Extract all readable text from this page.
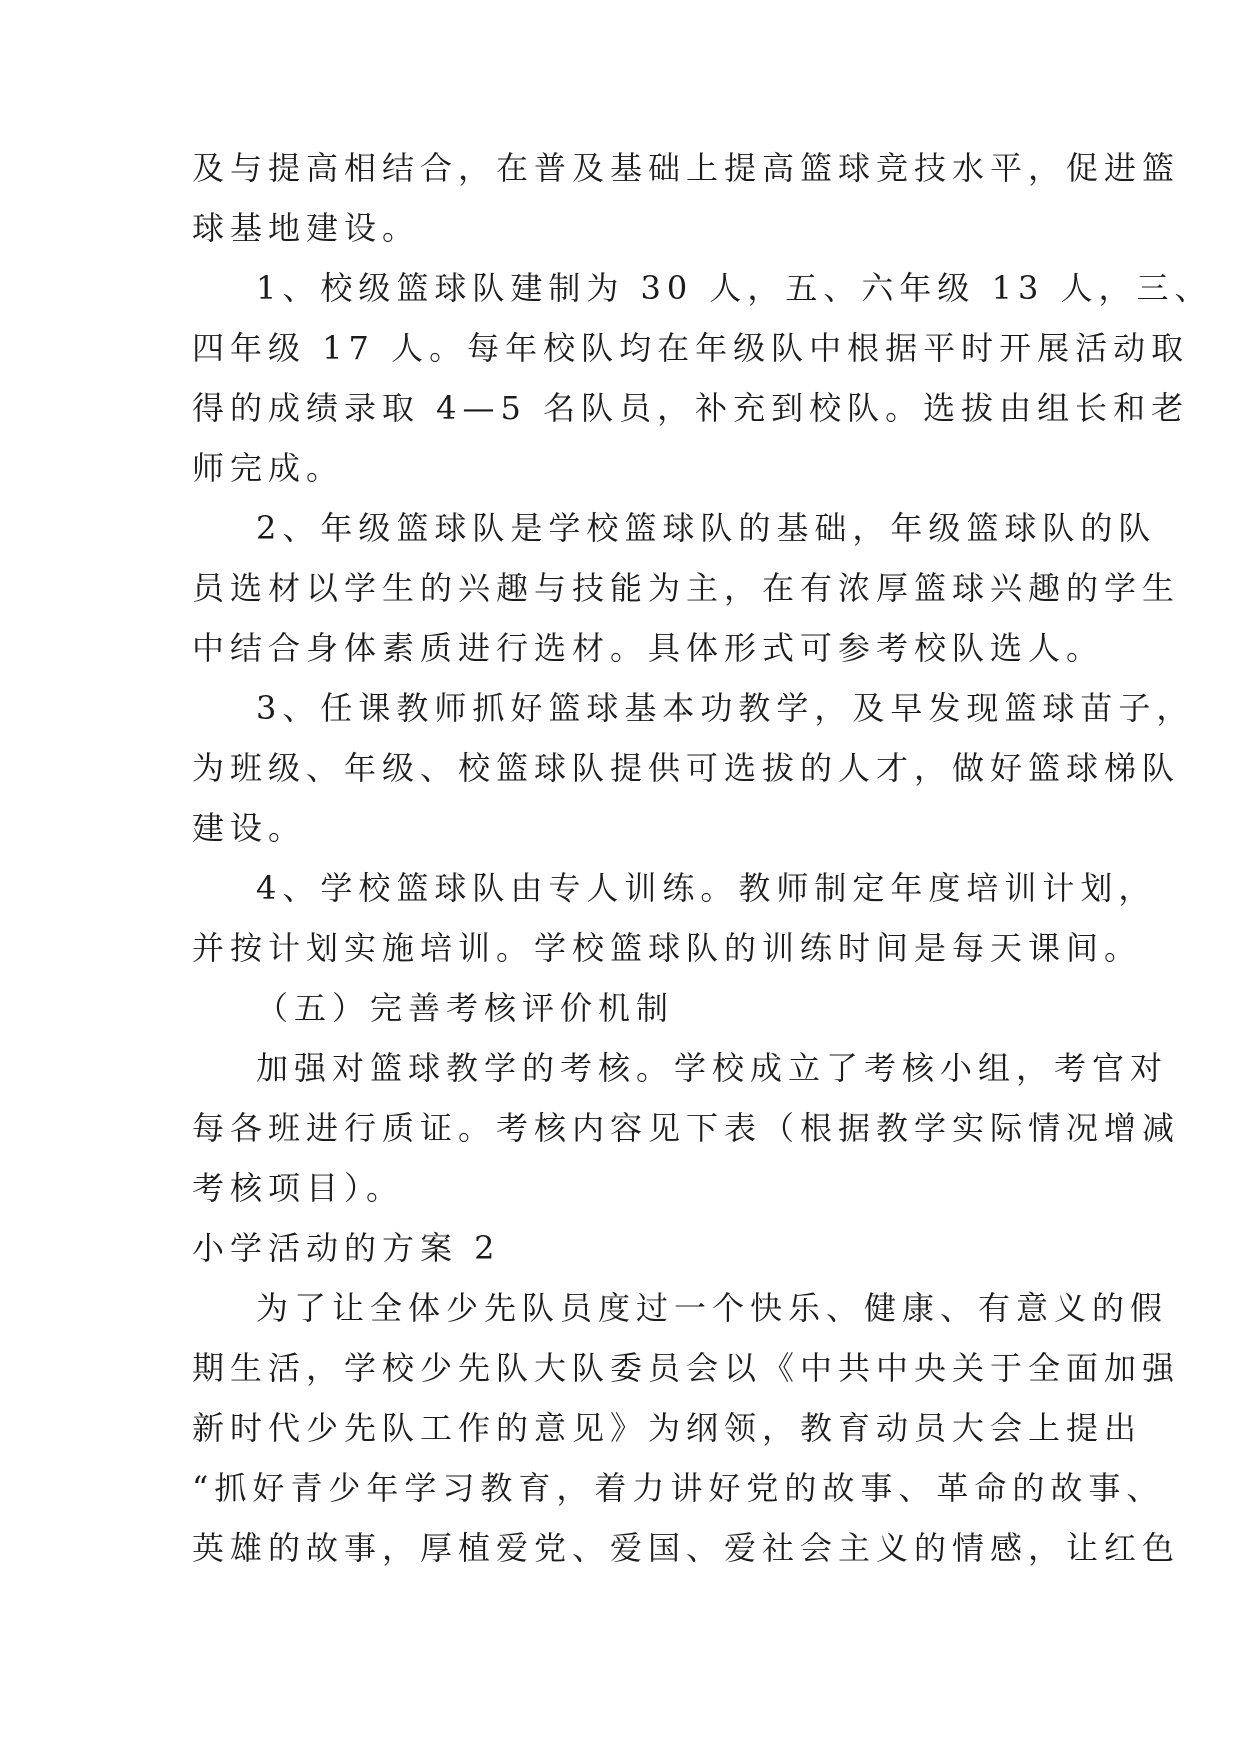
及与提高相结合，在普及基础上提高篮球竞技水平，促进篮

球基地建设。

1、校级篮球队建制为 30 人，五、六年级 13 人，三、

四年级 17 人。每年校队均在年级队中根据平时开展活动取

得的成绩录取 4—5 名队员，补充到校队。选拔由组长和老

师完成。

2、年级篮球队是学校篮球队的基础，年级篮球队的队

员选材以学生的兴趣与技能为主，在有浓厚篮球兴趣的学生

中结合身体素质进行选材。具体形式可参考校队选人。

3、任课教师抓好篮球基本功教学，及早发现篮球苗子，

为班级、年级、校篮球队提供可选拔的人才，做好篮球梯队

建设。

4、学校篮球队由专人训练。教师制定年度培训计划，

并按计划实施培训。学校篮球队的训练时间是每天课间。

（五）完善考核评价机制

加强对篮球教学的考核。学校成立了考核小组，考官对

每各班进行质证。考核内容见下表（根据教学实际情况增减

考核项目）。

小学活动的方案 2

为了让全体少先队员度过一个快乐、健康、有意义的假

期生活，学校少先队大队委员会以《中共中央关于全面加强

新时代少先队工作的意见》为纲领，教育动员大会上提出

“抓好青少年学习教育，着力讲好党的故事、革命的故事、

英雄的故事，厚植爱党、爱国、爱社会主义的情感，让红色
